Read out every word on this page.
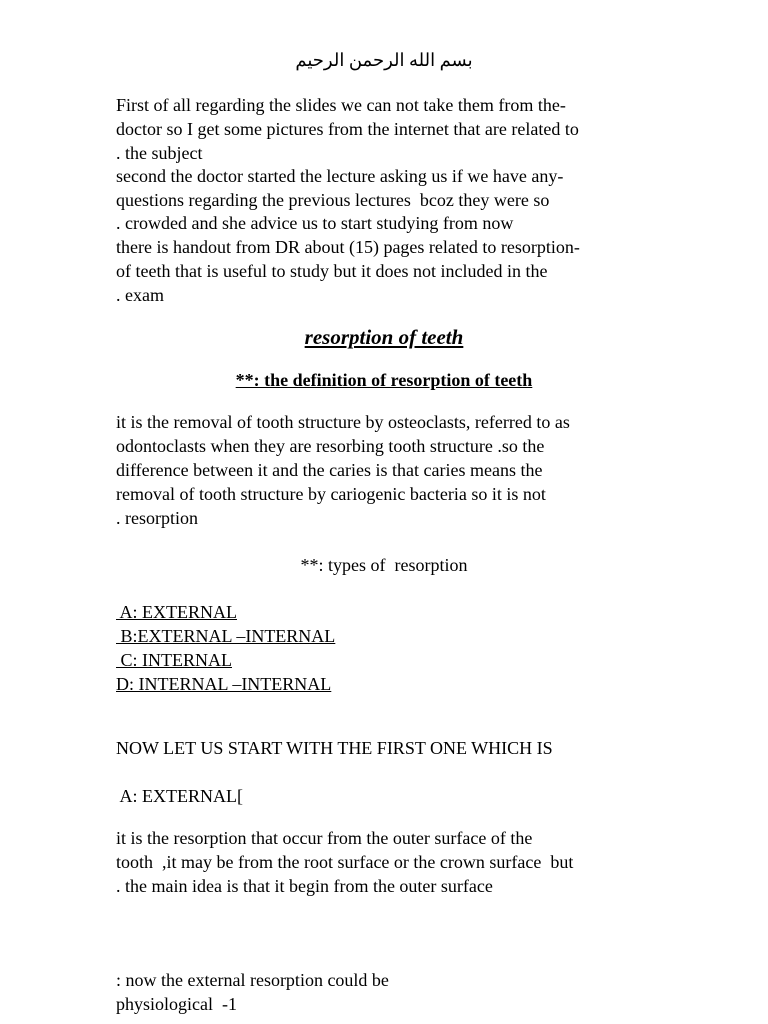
بسم الله الرحمن الرحيم
First of all regarding the slides we can not take them from the-
doctor so I get some pictures from the internet that are related to
. the subject
second the doctor started the lecture asking us if we have any-
questions regarding the previous lectures  bcoz they were so
. crowded and she advice us to start studying from now
there is handout from DR about (15) pages related to resorption-
of teeth that is useful to study but it does not included in the
. exam
resorption of teeth
**: the definition of resorption of teeth
it is the removal of tooth structure by osteoclasts, referred to as
odontoclasts when they are resorbing tooth structure .so the
difference between it and the caries is that caries means the
removal of tooth structure by cariogenic bacteria so it is not
. resorption
**: types of  resorption
A: EXTERNAL
B:EXTERNAL –INTERNAL
C: INTERNAL
D: INTERNAL –INTERNAL
NOW LET US START WITH THE FIRST ONE WHICH IS
A: EXTERNAL[
it is the resorption that occur from the outer surface of the
tooth  ,it may be from the root surface or the crown surface  but
. the main idea is that it begin from the outer surface
: now the external resorption could be
physiological  -1
